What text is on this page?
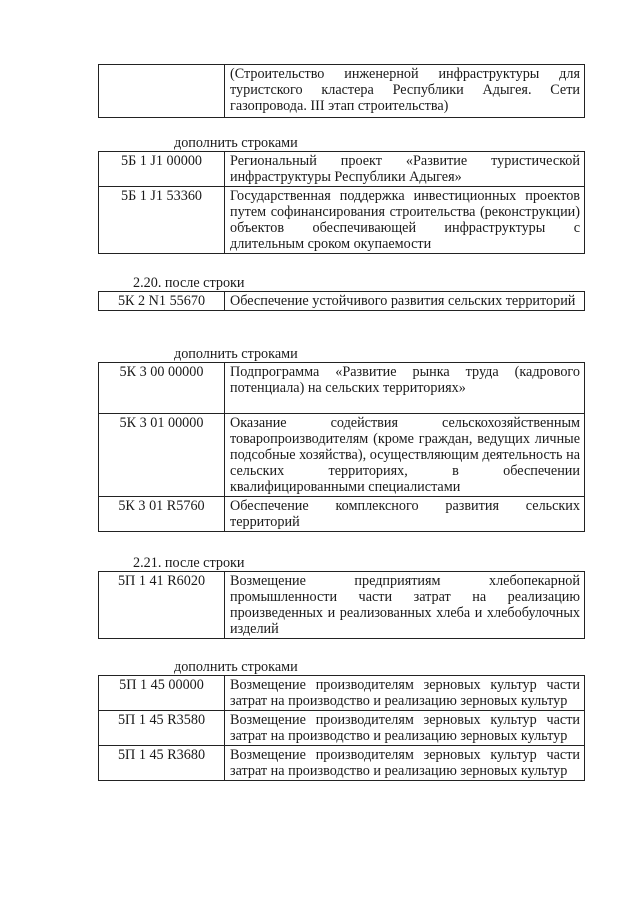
	(Строительство инженерной инфраструктуры для туристского кластера Республики Адыгея. Сети газопровода. III этап строительства)
дополнить строками
5Б 1 J1 00000	Региональный проект «Развитие туристической инфраструктуры Республики Адыгея»
5Б 1 J1 53360	Государственная поддержка инвестиционных проектов путем софинансирования строительства (реконструкции) объектов обеспечивающей инфраструктуры с длительным сроком окупаемости
2.20. после строки
5К 2 N1 55670	Обеспечение устойчивого развития сельских территорий
дополнить строками
5К 3 00 00000	Подпрограмма «Развитие рынка труда (кадрового потенциала) на сельских территориях»
5К 3 01 00000	Оказание содействия сельскохозяйственным товаропроизводителям (кроме граждан, ведущих личные подсобные хозяйства), осуществляющим деятельность на сельских территориях, в обеспечении квалифицированными специалистами
5К 3 01 R5760	Обеспечение комплексного развития сельских территорий
2.21. после строки
5П 1 41 R6020	Возмещение предприятиям хлебопекарной промышленности части затрат на реализацию произведенных и реализованных хлеба и хлебобулочных изделий
дополнить строками
5П 1 45 00000	Возмещение производителям зерновых культур части затрат на производство и реализацию зерновых культур
5П 1 45 R3580	Возмещение производителям зерновых культур части затрат на производство и реализацию зерновых культур
5П 1 45 R3680	Возмещение производителям зерновых культур части затрат на производство и реализацию зерновых культур
